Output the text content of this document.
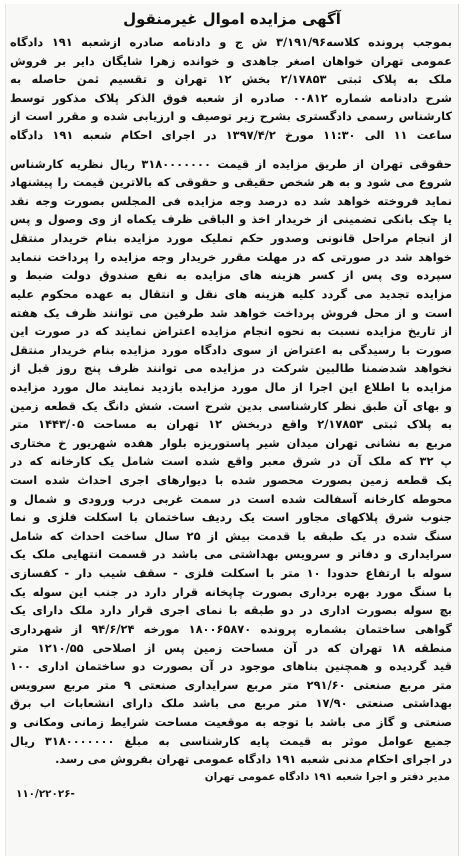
آگهی مزایده اموال غیرمنقول
بموجب پرونده کلاسه۳/۱۹۱/۹۶ ش ج و دادنامه صادره ازشعبه ۱۹۱ دادگاه
عمومی تهران خواهان اصغر جاهدی و خوانده زهرا شایگان دایر بر فروش
ملک به پلاک ثبتی ۲/۱۷۸۵۳ بخش ۱۲ تهران و تقسیم ثمن حاصله به
شرح دادنامه شماره ۰۰۸۱۲ صادره از شعبه فوق الذکر پلاک مذکور توسط
کارشناس رسمی دادگستری بشرح زیر توصیف و ارزیابی شده و مقرر است از
ساعت ۱۱ الی ۱۱:۳۰ مورخ ۱۳۹۷/۴/۲ در اجرای احکام شعبه ۱۹۱ دادگاه
حقوقی تهران از طریق مزایده از قیمت ۳۱۸۰۰۰۰۰۰۰ ریال نظریه کارشناس
شروع می شود و به هر شخص حقیقی و حقوقی که بالاترین قیمت را پیشنهاد
نماید فروخته خواهد شد ده درصد وجه مزایده فی المجلس بصورت وجه نقد
یا چک بانکی تضمینی از خریدار اخذ و الباقی ظرف یکماه از وی وصول و پس
از انجام مراحل قانونی وصدور حکم تملیک مورد مزایده بنام خریدار منتقل
خواهد شد در صورتی که در مهلت مقرر خریدار وجه مزایده را پرداخت ننماید
سپرده وی پس از کسر هزینه های مزایده به نفع صندوق دولت ضبط و
مزایده تجدید می گردد کلیه هزینه های نقل و انتقال به عهده محکوم علیه
است و از محل فروش پرداخت خواهد شد طرفین می توانند ظرف یک هفته
از تاریخ مزایده نسبت به نحوه انجام مزایده اعتراض نمایند که در صورت این
صورت با رسیدگی به اعتراض از سوی دادگاه مورد مزایده بنام خریدار منتقل
نخواهد شدضمنا طالبین شرکت در مزایده می توانند ظرف پنج روز قبل از
مزایده با اطلاع این اجرا از مال مورد مزایده بازدید نمایند مال مورد مزایده
و بهای آن طبق نظر کارشناسی بدین شرح است. شش دانگ یک قطعه زمین
به پلاک ثبتی ۲/۱۷۸۵۳ واقع دربخش ۱۲ تهران به مساحت ۱۴۴۳/۰۵ متر
مربع به نشانی تهران میدان شیر پاستوریزه بلوار هفده شهریور خ مختاری
پ ۳۲ که ملک آن در شرق معبر واقع شده است شامل یک کارخانه که در
یک قطعه زمین بصورت محصور شده با دیوارهای اجری احداث شده است
محوطه کارخانه آسفالت شده است در سمت غربی درب ورودی و شمال و
جنوب شرق پلاکهای مجاور است یک ردیف ساختمان با اسکلت فلزی و نما
سنگ شده در یک طبقه با قدمت بیش از ۲۵ سال ساخت احداث که شامل
سرایداری و دفاتر و سرویس بهداشتی می باشد در قسمت انتهایی ملک یک
سوله با ارتفاع حدودا ۱۰ متر با اسکلت فلزی - سقف شیب دار - کفسازی
با سنگ مورد بهره برداری بصورت چاپخانه قرار دارد در جنب این سوله یک
بچ سوله بصورت اداری در دو طبقه با نمای اجری قرار دارد ملک دارای یک
گواهی ساختمان بشماره پرونده ۱۸۰۰۶۵۸۷۰ مورخه ۹۴/۶/۲۴ از شهرداری
منطقه ۱۸ تهران که در آن مساحت زمین پس از اصلاحی ۱۲۱۰/۵۵ متر
قید گردیده و همچنین بناهای موجود در آن بصورت دو ساختمان اداری ۱۰۰
متر مربع صنعتی ۲۹۱/۶۰ متر مربع سرایداری صنعتی ۹ متر مربع سرویس
بهداشتی صنعتی ۱۷/۹۰ متر مربع می باشد ملک دارای انشعابات اب برق
صنعتی و گاز می باشد با توجه به موقعیت مساحت شرایط زمانی ومکانی و
جمیع عوامل موثر به قیمت پایه کارشناسی به مبلغ ۳۱۸۰۰۰۰۰۰۰ ریال
در اجرای احکام مدنی شعبه ۱۹۱ دادگاه عمومی تهران بفروش می رسد.
مدیر دفتر و اجرا شعبه ۱۹۱ دادگاه عمومی تهران
۱۱۰/۲۲۰۲۶-
